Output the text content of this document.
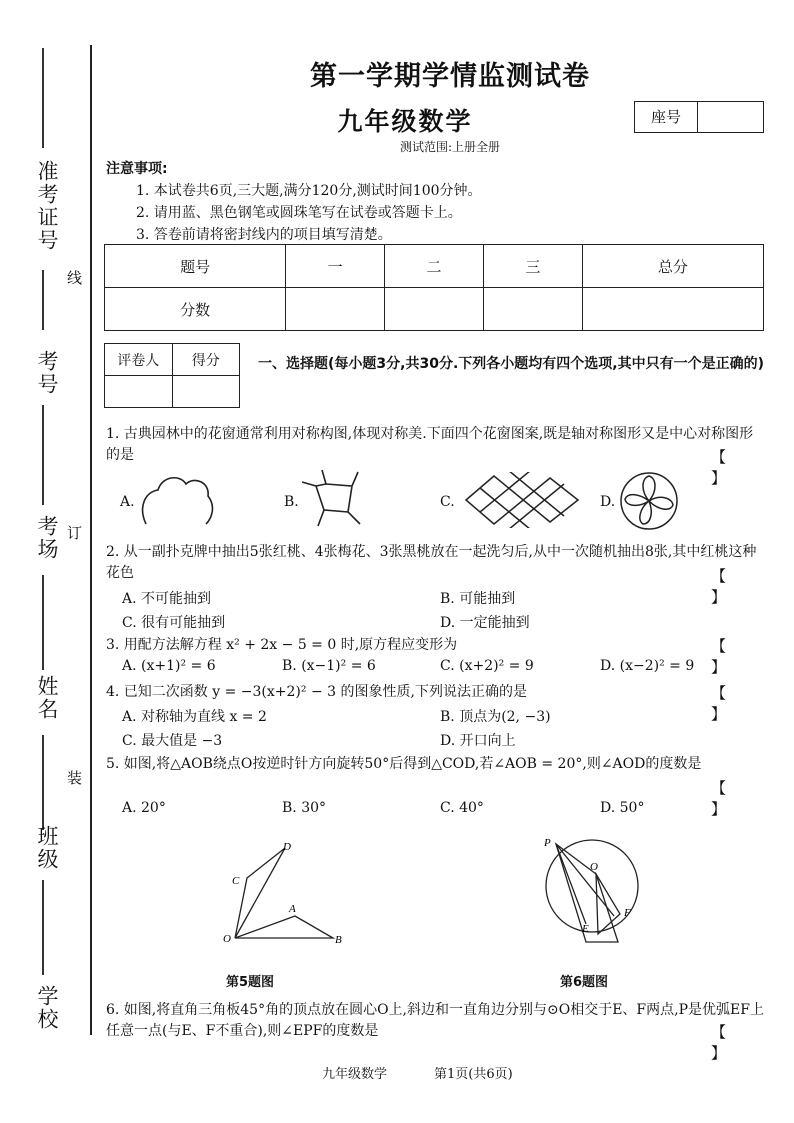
准考证号
考号
考场
姓名
班级
学校
线
订
装
第一学期学情监测试卷
九年级数学	座号
测试范围:上册全册
注意事项:
1. 本试卷共6页,三大题,满分120分,测试时间100分钟。
2. 请用蓝、黑色钢笔或圆珠笔写在试卷或答题卡上。
3. 答卷前请将密封线内的项目填写清楚。
题号	一	二	三	总分
分数				
评卷人	得分
		一、选择题(每小题3分,共30分.下列各小题均有四个选项,其中只有一个是正确的)
1. 古典园林中的花窗通常利用对称构图,体现对称美.下面四个花窗图案,既是轴对称图形又是中心对称图形的是	【 】
A.	B.	C.	D.
2. 从一副扑克牌中抽出5张红桃、4张梅花、3张黑桃放在一起洗匀后,从中一次随机抽出8张,其中红桃这种花色	【 】
A. 不可能抽到	B. 可能抽到
C. 很有可能抽到	D. 一定能抽到
3. 用配方法解方程 x² + 2x − 5 = 0 时,原方程应变形为	【 】
A. (x+1)² = 6	B. (x−1)² = 6	C. (x+2)² = 9	D. (x−2)² = 9
4. 已知二次函数 y = −3(x+2)² − 3 的图象性质,下列说法正确的是	【 】
A. 对称轴为直线 x = 2	B. 顶点为(2, −3)
C. 最大值是 −3	D. 开口向上
5. 如图,将△AOB绕点O按逆时针方向旋转50°后得到△COD,若∠AOB = 20°,则∠AOD的度数是
【 】
A. 20°	B. 30°	C. 40°	D. 50°
D
C
A
O	B
第5题图
P
O
F
E
第6题图
6. 如图,将直角三角板45°角的顶点放在圆心O上,斜边和一直角边分别与⊙O相交于E、F两点,P是优弧EF上任意一点(与E、F不重合),则∠EPF的度数是	【 】
九年级数学	第1页(共6页)
